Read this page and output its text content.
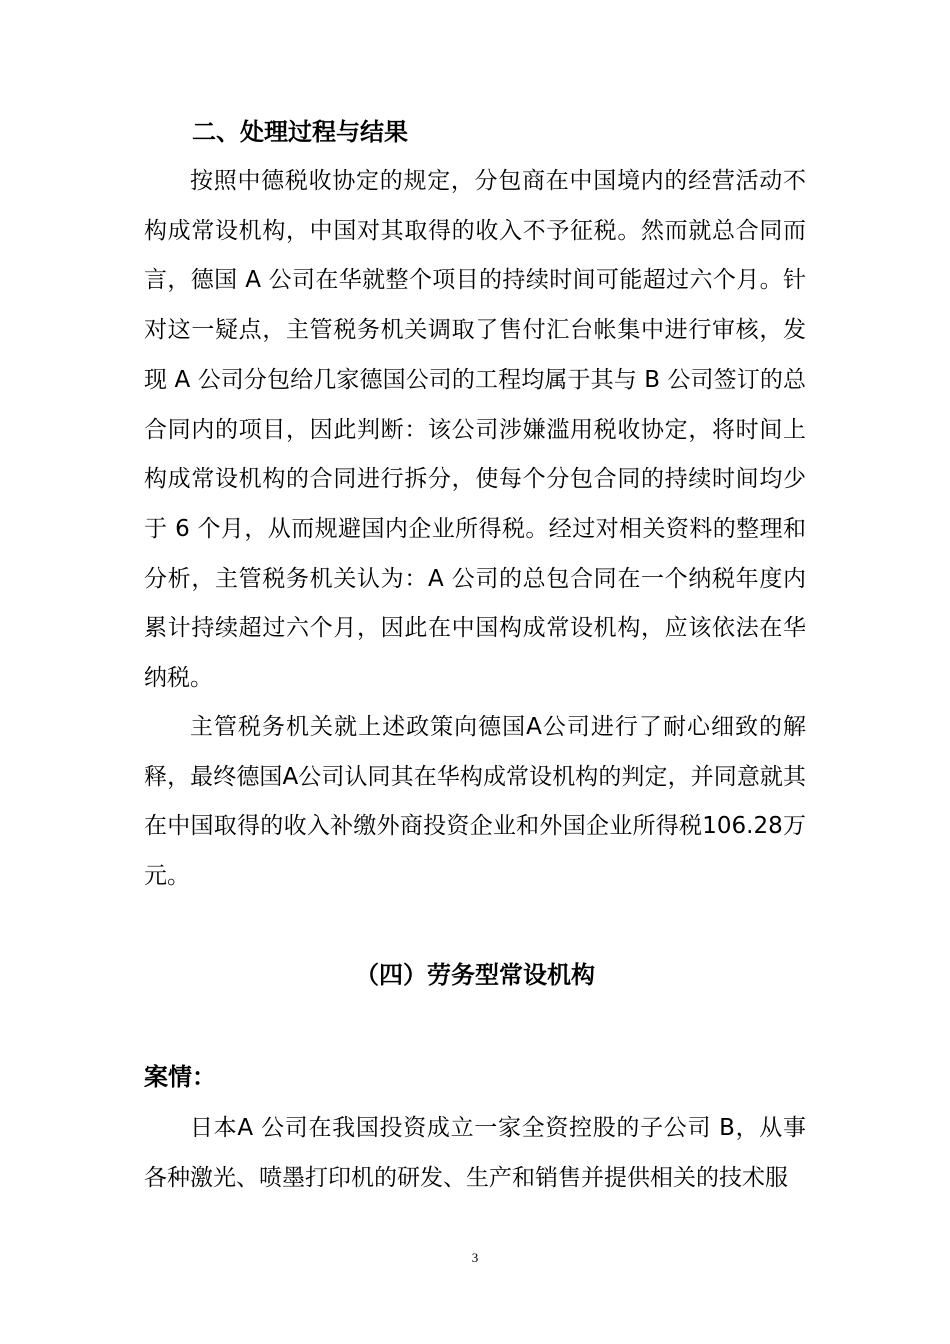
二、处理过程与结果

按照中德税收协定的规定，分包商在中国境内的经营活动不构成常设机构，中国对其取得的收入不予征税。然而就总合同而言，德国 A 公司在华就整个项目的持续时间可能超过六个月。针对这一疑点，主管税务机关调取了售付汇台帐集中进行审核，发现 A 公司分包给几家德国公司的工程均属于其与 B 公司签订的总合同内的项目，因此判断：该公司涉嫌滥用税收协定，将时间上构成常设机构的合同进行拆分，使每个分包合同的持续时间均少于 6 个月，从而规避国内企业所得税。经过对相关资料的整理和分析，主管税务机关认为：A 公司的总包合同在一个纳税年度内累计持续超过六个月，因此在中国构成常设机构，应该依法在华纳税。

主管税务机关就上述政策向德国A公司进行了耐心细致的解释，最终德国A公司认同其在华构成常设机构的判定，并同意就其在中国取得的收入补缴外商投资企业和外国企业所得税106.28万元。

（四）劳务型常设机构
案情：

日本A 公司在我国投资成立一家全资控股的子公司 B，从事各种激光、喷墨打印机的研发、生产和销售并提供相关的技术服

3
